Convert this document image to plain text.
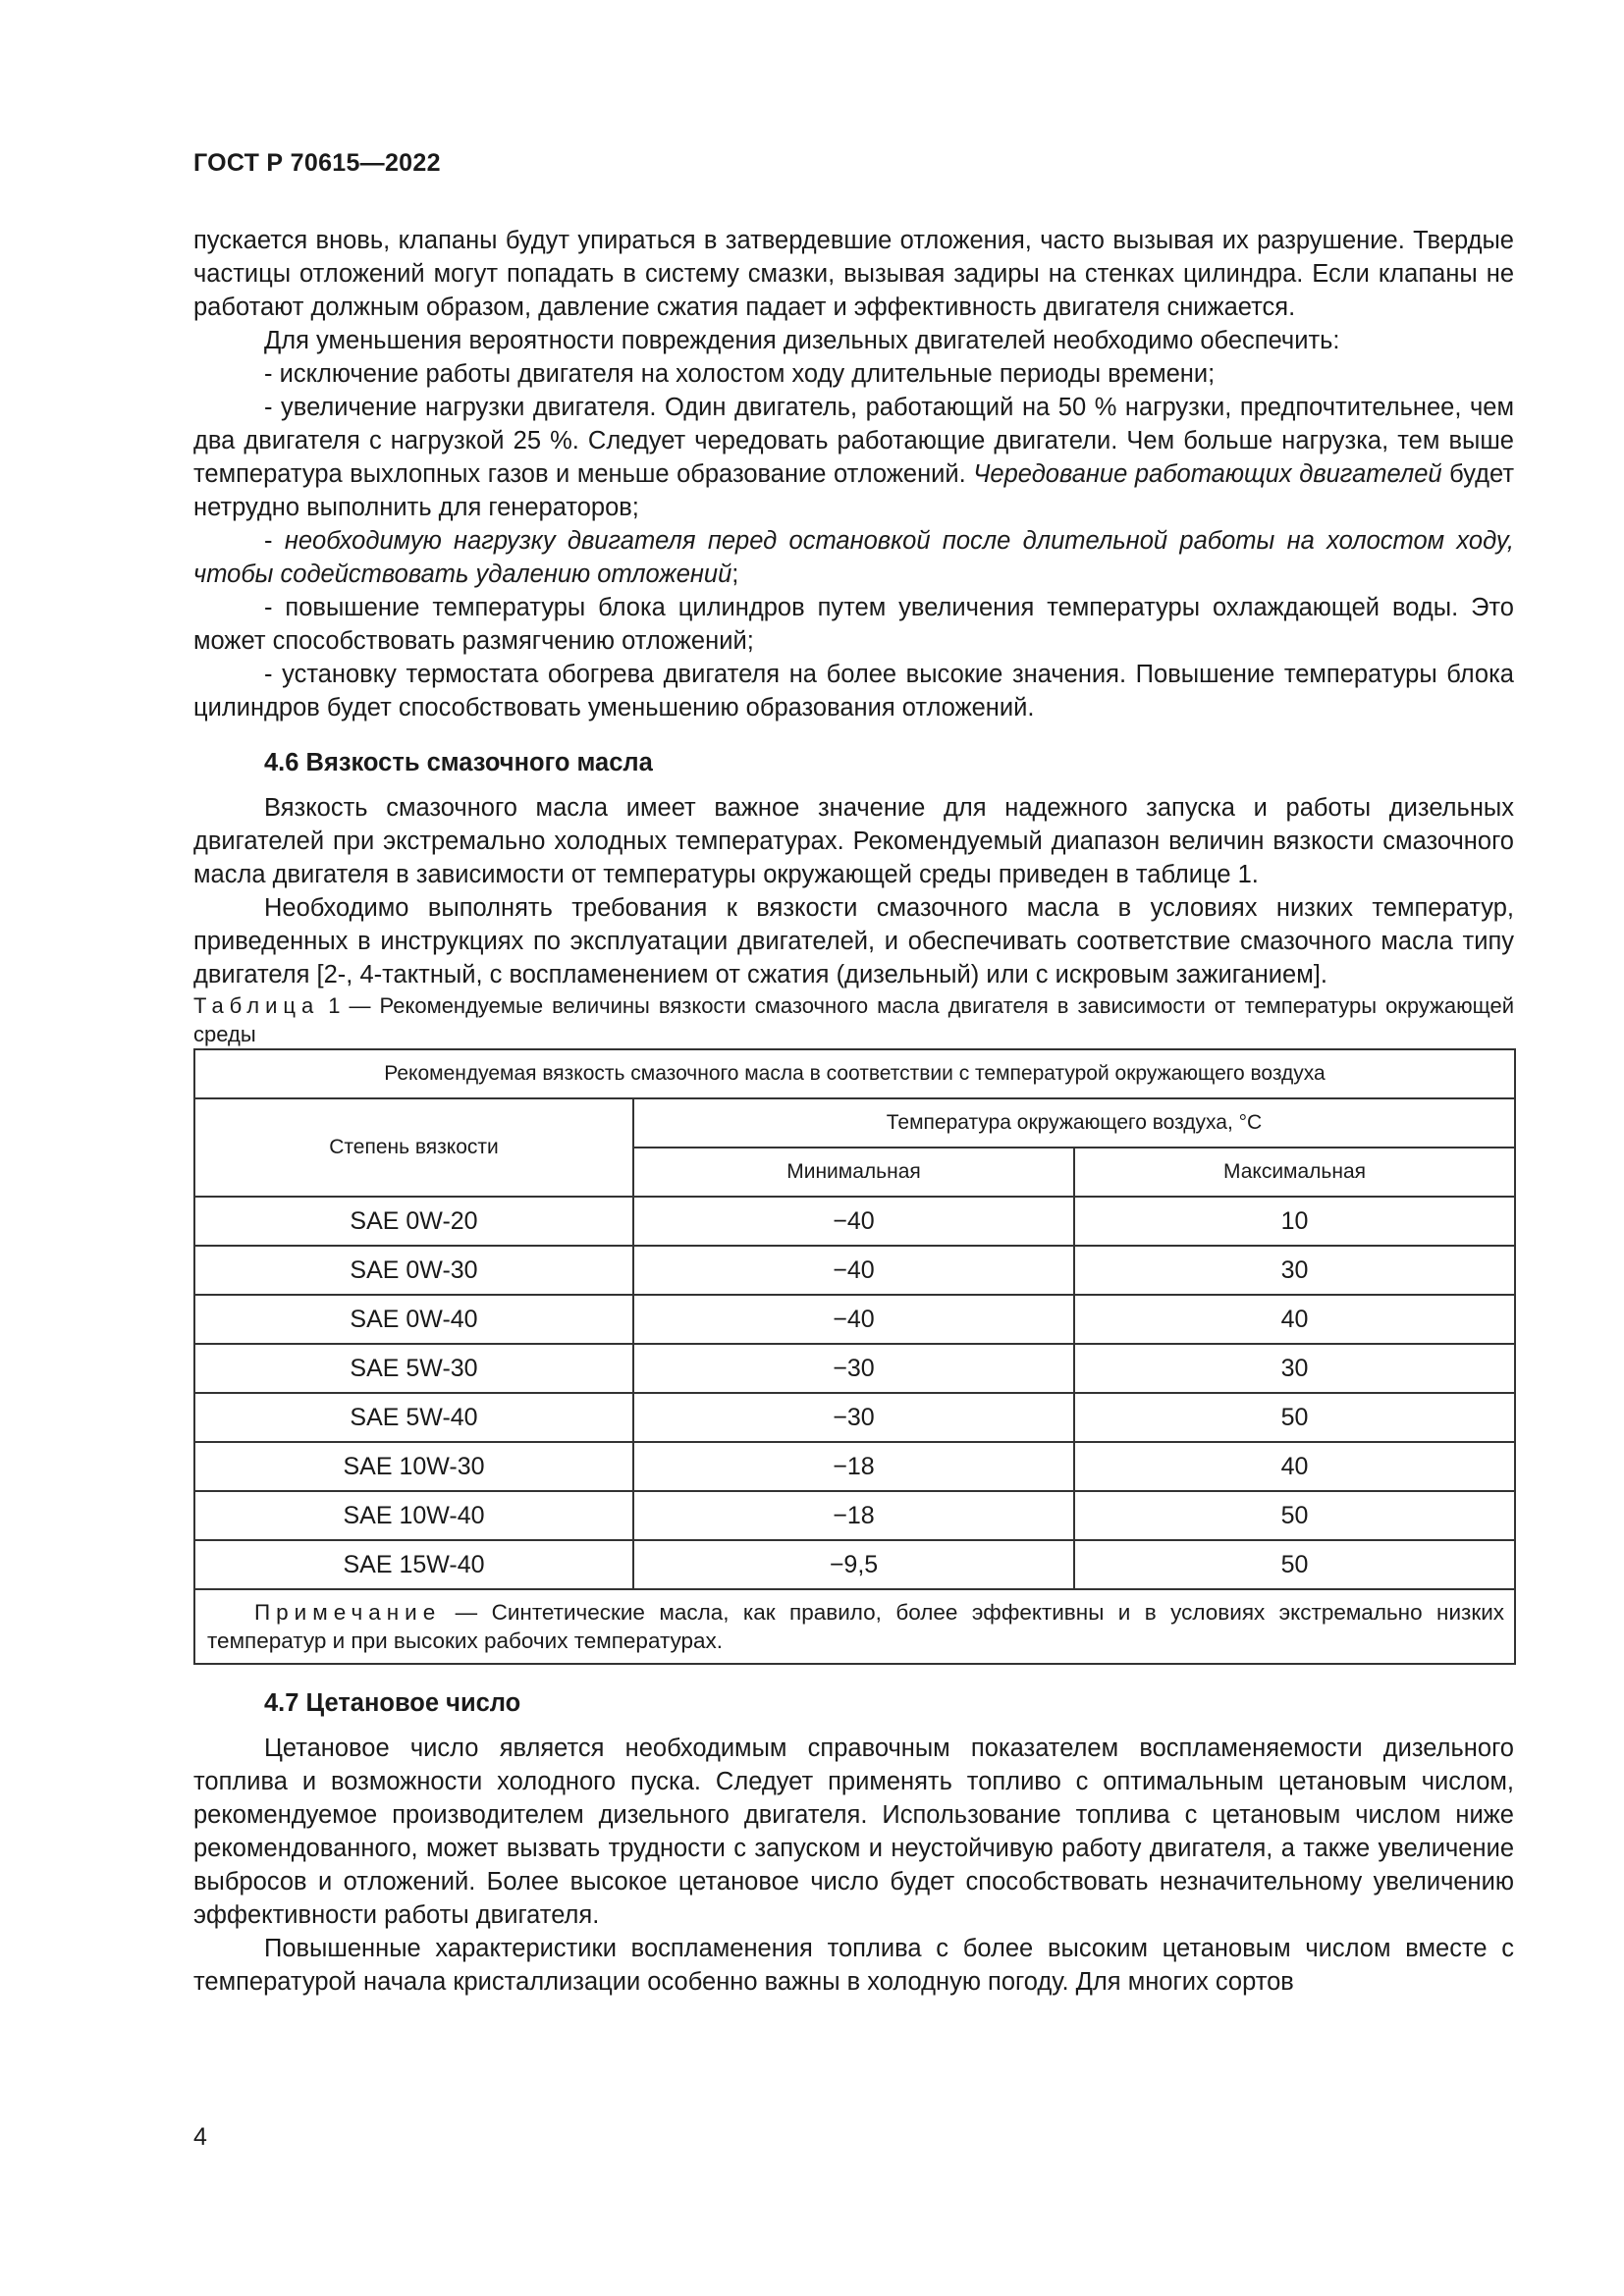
ГОСТ Р 70615—2022

пускается вновь, клапаны будут упираться в затвердевшие отложения, часто вызывая их разрушение. Твердые частицы отложений могут попадать в систему смазки, вызывая задиры на стенках цилиндра. Если клапаны не работают должным образом, давление сжатия падает и эффективность двигателя снижается.

Для уменьшения вероятности повреждения дизельных двигателей необходимо обеспечить:

- исключение работы двигателя на холостом ходу длительные периоды времени;

- увеличение нагрузки двигателя. Один двигатель, работающий на 50 % нагрузки, предпочтительнее, чем два двигателя с нагрузкой 25 %. Следует чередовать работающие двигатели. Чем больше нагрузка, тем выше температура выхлопных газов и меньше образование отложений. Чередование работающих двигателей будет нетрудно выполнить для генераторов;

- необходимую нагрузку двигателя перед остановкой после длительной работы на холостом ходу, чтобы содействовать удалению отложений;

- повышение температуры блока цилиндров путем увеличения температуры охлаждающей воды. Это может способствовать размягчению отложений;

- установку термостата обогрева двигателя на более высокие значения. Повышение температуры блока цилиндров будет способствовать уменьшению образования отложений.

4.6 Вязкость смазочного масла

Вязкость смазочного масла имеет важное значение для надежного запуска и работы дизельных двигателей при экстремально холодных температурах. Рекомендуемый диапазон величин вязкости смазочного масла двигателя в зависимости от температуры окружающей среды приведен в таблице 1.

Необходимо выполнять требования к вязкости смазочного масла в условиях низких температур, приведенных в инструкциях по эксплуатации двигателей, и обеспечивать соответствие смазочного масла типу двигателя [2-, 4-тактный, с воспламенением от сжатия (дизельный) или с искровым зажиганием].

Таблица 1 — Рекомендуемые величины вязкости смазочного масла двигателя в зависимости от температуры окружающей среды

Рекомендуемая вязкость смазочного масла в соответствии с температурой окружающего воздуха		
Степень вязкости	Температура окружающего воздуха, °С	
	Минимальная	Максимальная
SAE 0W-20	−40	10
SAE 0W-30	−40	30
SAE 0W-40	−40	40
SAE 5W-30	−30	30
SAE 5W-40	−30	50
SAE 10W-30	−18	40
SAE 10W-40	−18	50
SAE 15W-40	−9,5	50

Примечание — Синтетические масла, как правило, более эффективны и в условиях экстремально низких температур и при высоких рабочих температурах.		

4.7 Цетановое число

Цетановое число является необходимым справочным показателем воспламеняемости дизельного топлива и возможности холодного пуска. Следует применять топливо с оптимальным цетановым числом, рекомендуемое производителем дизельного двигателя. Использование топлива с цетановым числом ниже рекомендованного, может вызвать трудности с запуском и неустойчивую работу двигателя, а также увеличение выбросов и отложений. Более высокое цетановое число будет способствовать незначительному увеличению эффективности работы двигателя.

Повышенные характеристики воспламенения топлива с более высоким цетановым числом вместе с температурой начала кристаллизации особенно важны в холодную погоду. Для многих сортов

4
